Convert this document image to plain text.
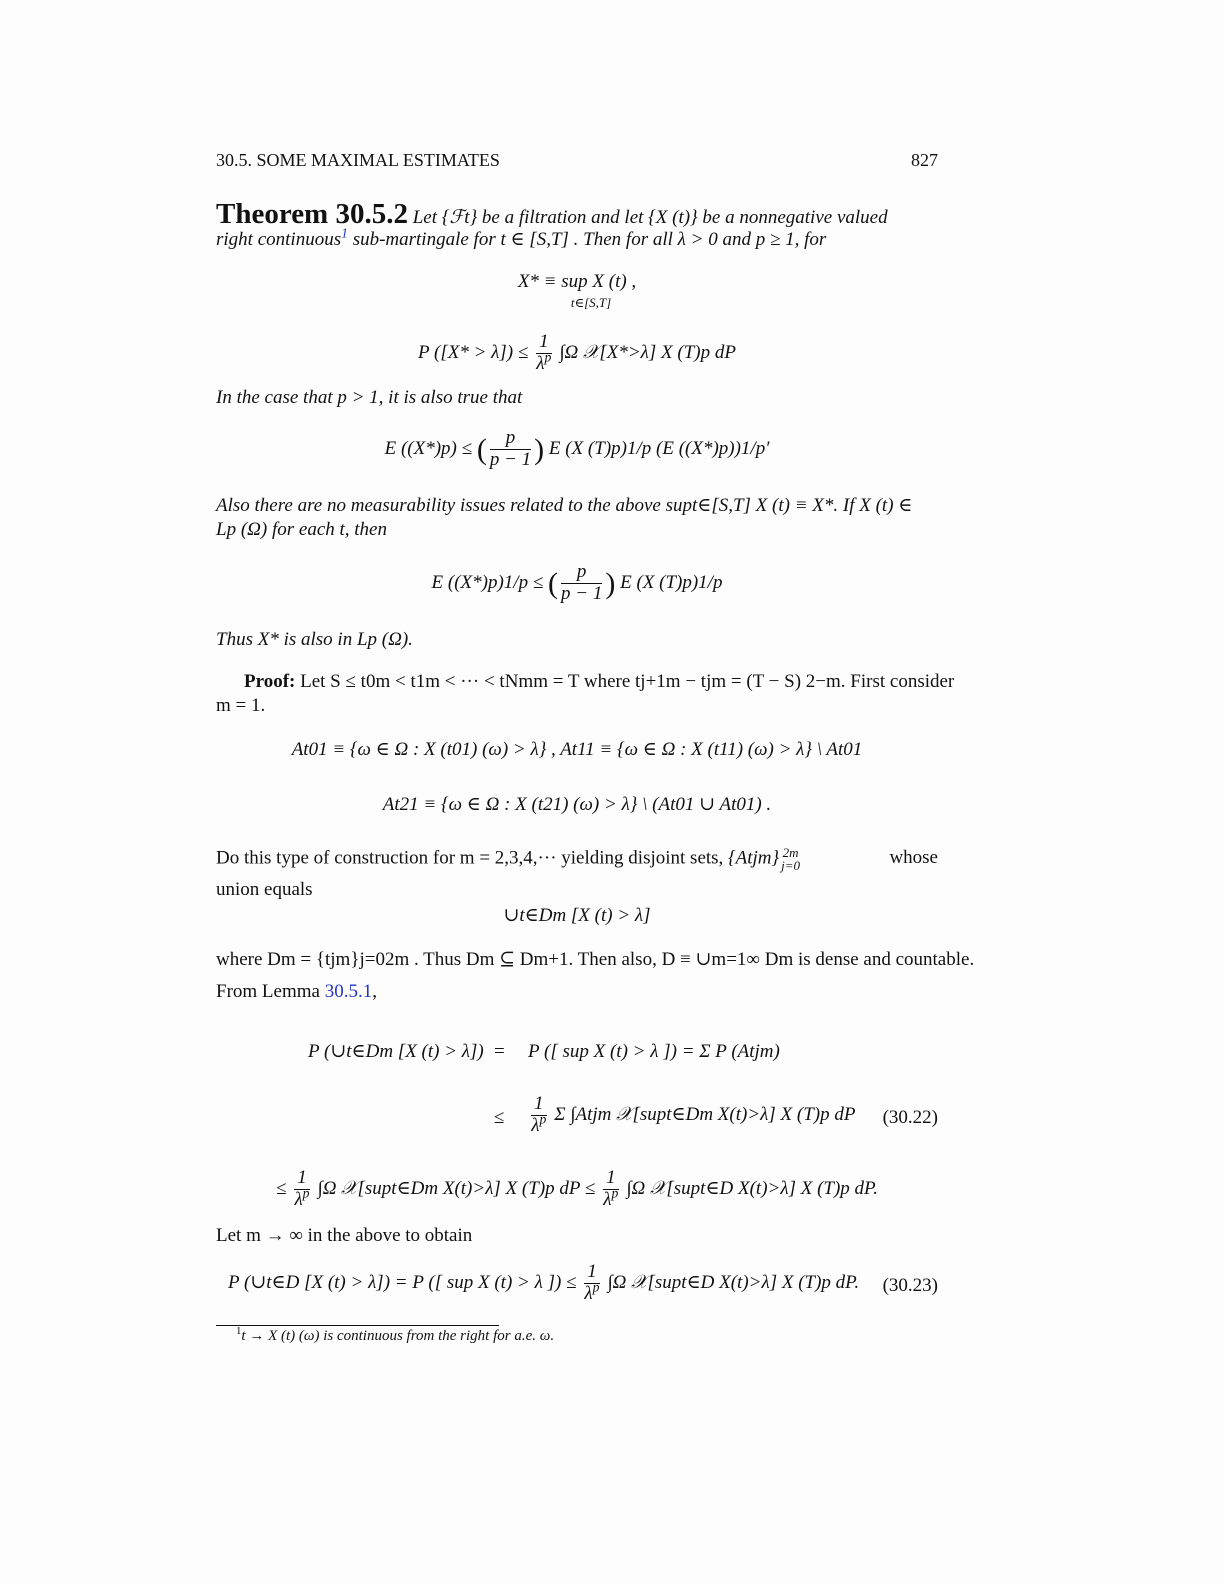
30.5. SOME MAXIMAL ESTIMATES	827
Theorem 30.5.2 Let {ℱt} be a filtration and let {X (t)} be a nonnegative valued
right continuous$^1$ sub-martingale for t ∈ [S,T] . Then for all λ > 0 and p ≥ 1, for
X* ≡ sup X (t) ,
t∈[S,T]
P $([X* > \lambda]) \le \frac{1}{\lambda^p} \int\Omega$ 𝒳[X*>λ] X (T)p dP
In the case that p > 1, it is also true that
E ((X*)p) ≤ ( $\frac{p}{p - 1}$ ) E (X (T)p)1/p (E ((X*)p))1/p′
Also there are no measurability issues related to the above supt∈[S,T] X (t) ≡ X*. If X (t) ∈
Lp (Ω) for each t, then
E ((X*)p)1/p ≤ ( $\frac{p}{p - 1}$ ) E (X (T)p)1/p
Thus X* is also in Lp (Ω).
Proof: Let S ≤ t0m < t1m < ··· < tNmm = T where tj+1m − tjm = (T − S) 2−m. First consider
m = 1.
At01 ≡ {ω ∈ Ω : X (t01) (ω) > λ} , At11 ≡ {ω ∈ Ω : X (t11) (ω) > λ} \ At01
At21 ≡ {ω ∈ Ω : X (t21) (ω) > λ} \ (At01 ∪ At01) .
Do this type of construction for m = 2,3,4,··· yielding disjoint sets, {Atjm} 2m
j=0	whose
union equals
∪t∈Dm [X (t) > λ]
where Dm = {tjm}j=02m . Thus Dm ⊆ Dm+1. Then also, D ≡ ∪m=1∞ Dm is dense and countable.
From Lemma 30.5.1,
P (∪t∈Dm [X (t) > λ]) = P ([ sup X (t) > λ ]) = Σ P (Atjm)
≤ $\frac{1}{\lambda^p}$ Σ ∫Atjm 𝒳[supt∈Dm X(t)>λ] X (T)p dP (30.22)
≤ $\frac{1}{\lambda^p} \int\Omega$ 𝒳[supt∈Dm X(t)>λ] X (T)p dP ≤ $\frac{1}{\lambda^p} \int\Omega$ 𝒳[supt∈D X(t)>λ] X (T)p dP.
Let m → ∞ in the above to obtain
P (∪t∈D [X (t) > λ]) = P ([ sup X (t) > λ ]) ≤ $\frac{1}{\lambda^p} \int\Omega$ 𝒳[supt∈D X(t)>λ] X (T)p dP. (30.23)
$^1$t → X (t) (ω) is continuous from the right for a.e. ω.
